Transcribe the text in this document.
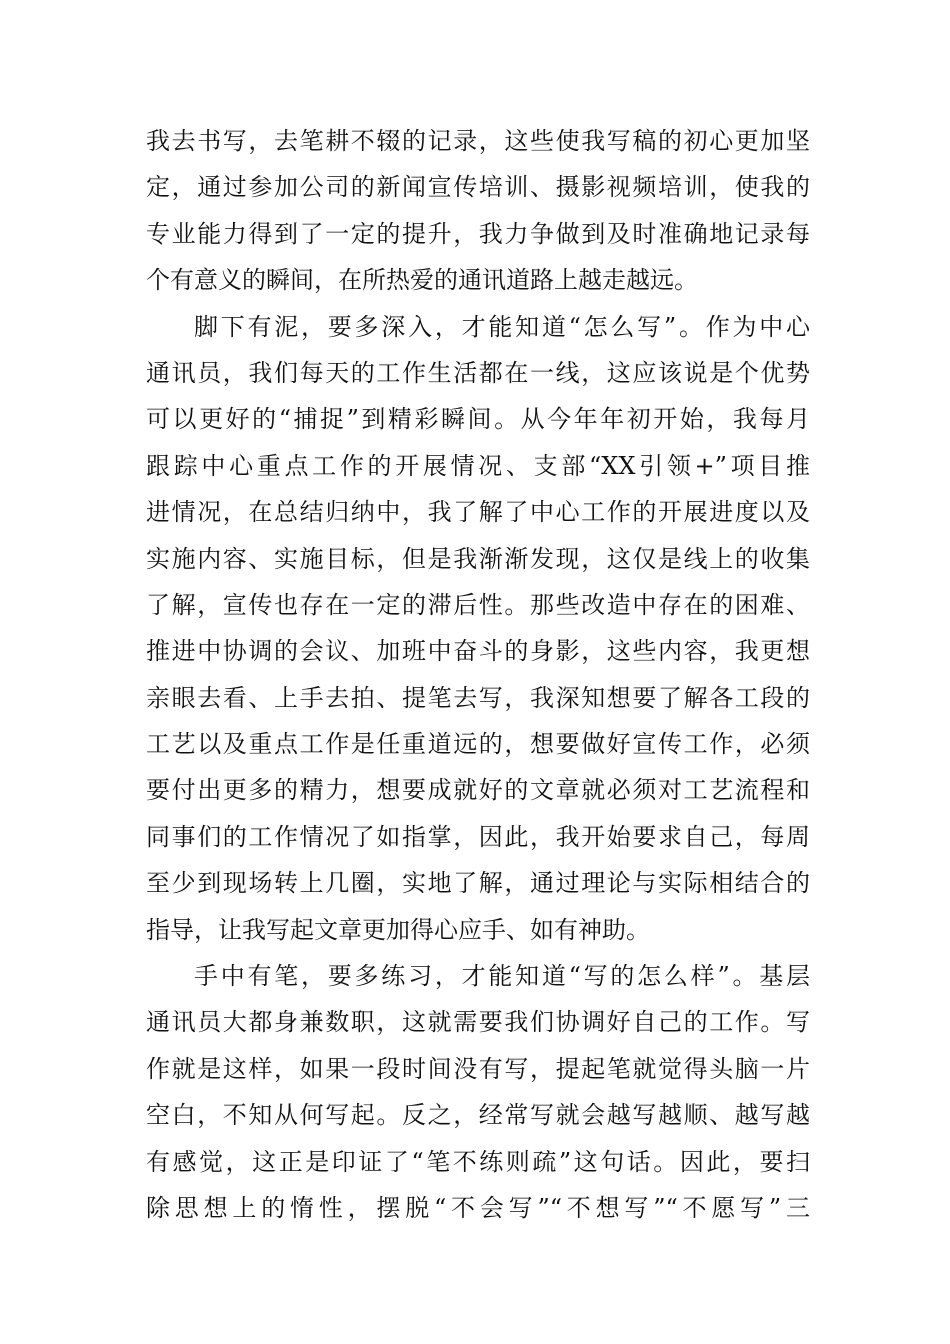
我去书写，去笔耕不辍的记录，这些使我写稿的初心更加坚
定，通过参加公司的新闻宣传培训、摄影视频培训，使我的
专业能力得到了一定的提升，我力争做到及时准确地记录每
个有意义的瞬间，在所热爱的通讯道路上越走越远。
脚下有泥，要多深入，才能知道“怎么写”。作为中心
通讯员，我们每天的工作生活都在一线，这应该说是个优势
可以更好的“捕捉”到精彩瞬间。从今年年初开始，我每月
跟踪中心重点工作的开展情况、支部“XX引领+”项目推
进情况，在总结归纳中，我了解了中心工作的开展进度以及
实施内容、实施目标，但是我渐渐发现，这仅是线上的收集
了解，宣传也存在一定的滞后性。那些改造中存在的困难、
推进中协调的会议、加班中奋斗的身影，这些内容，我更想
亲眼去看、上手去拍、提笔去写，我深知想要了解各工段的
工艺以及重点工作是任重道远的，想要做好宣传工作，必须
要付出更多的精力，想要成就好的文章就必须对工艺流程和
同事们的工作情况了如指掌，因此，我开始要求自己，每周
至少到现场转上几圈，实地了解，通过理论与实际相结合的
指导，让我写起文章更加得心应手、如有神助。
手中有笔，要多练习，才能知道“写的怎么样”。基层
通讯员大都身兼数职，这就需要我们协调好自己的工作。写
作就是这样，如果一段时间没有写，提起笔就觉得头脑一片
空白，不知从何写起。反之，经常写就会越写越顺、越写越
有感觉，这正是印证了“笔不练则疏”这句话。因此，要扫
除思想上的惰性，摆脱“不会写”“不想写”“不愿写”三
